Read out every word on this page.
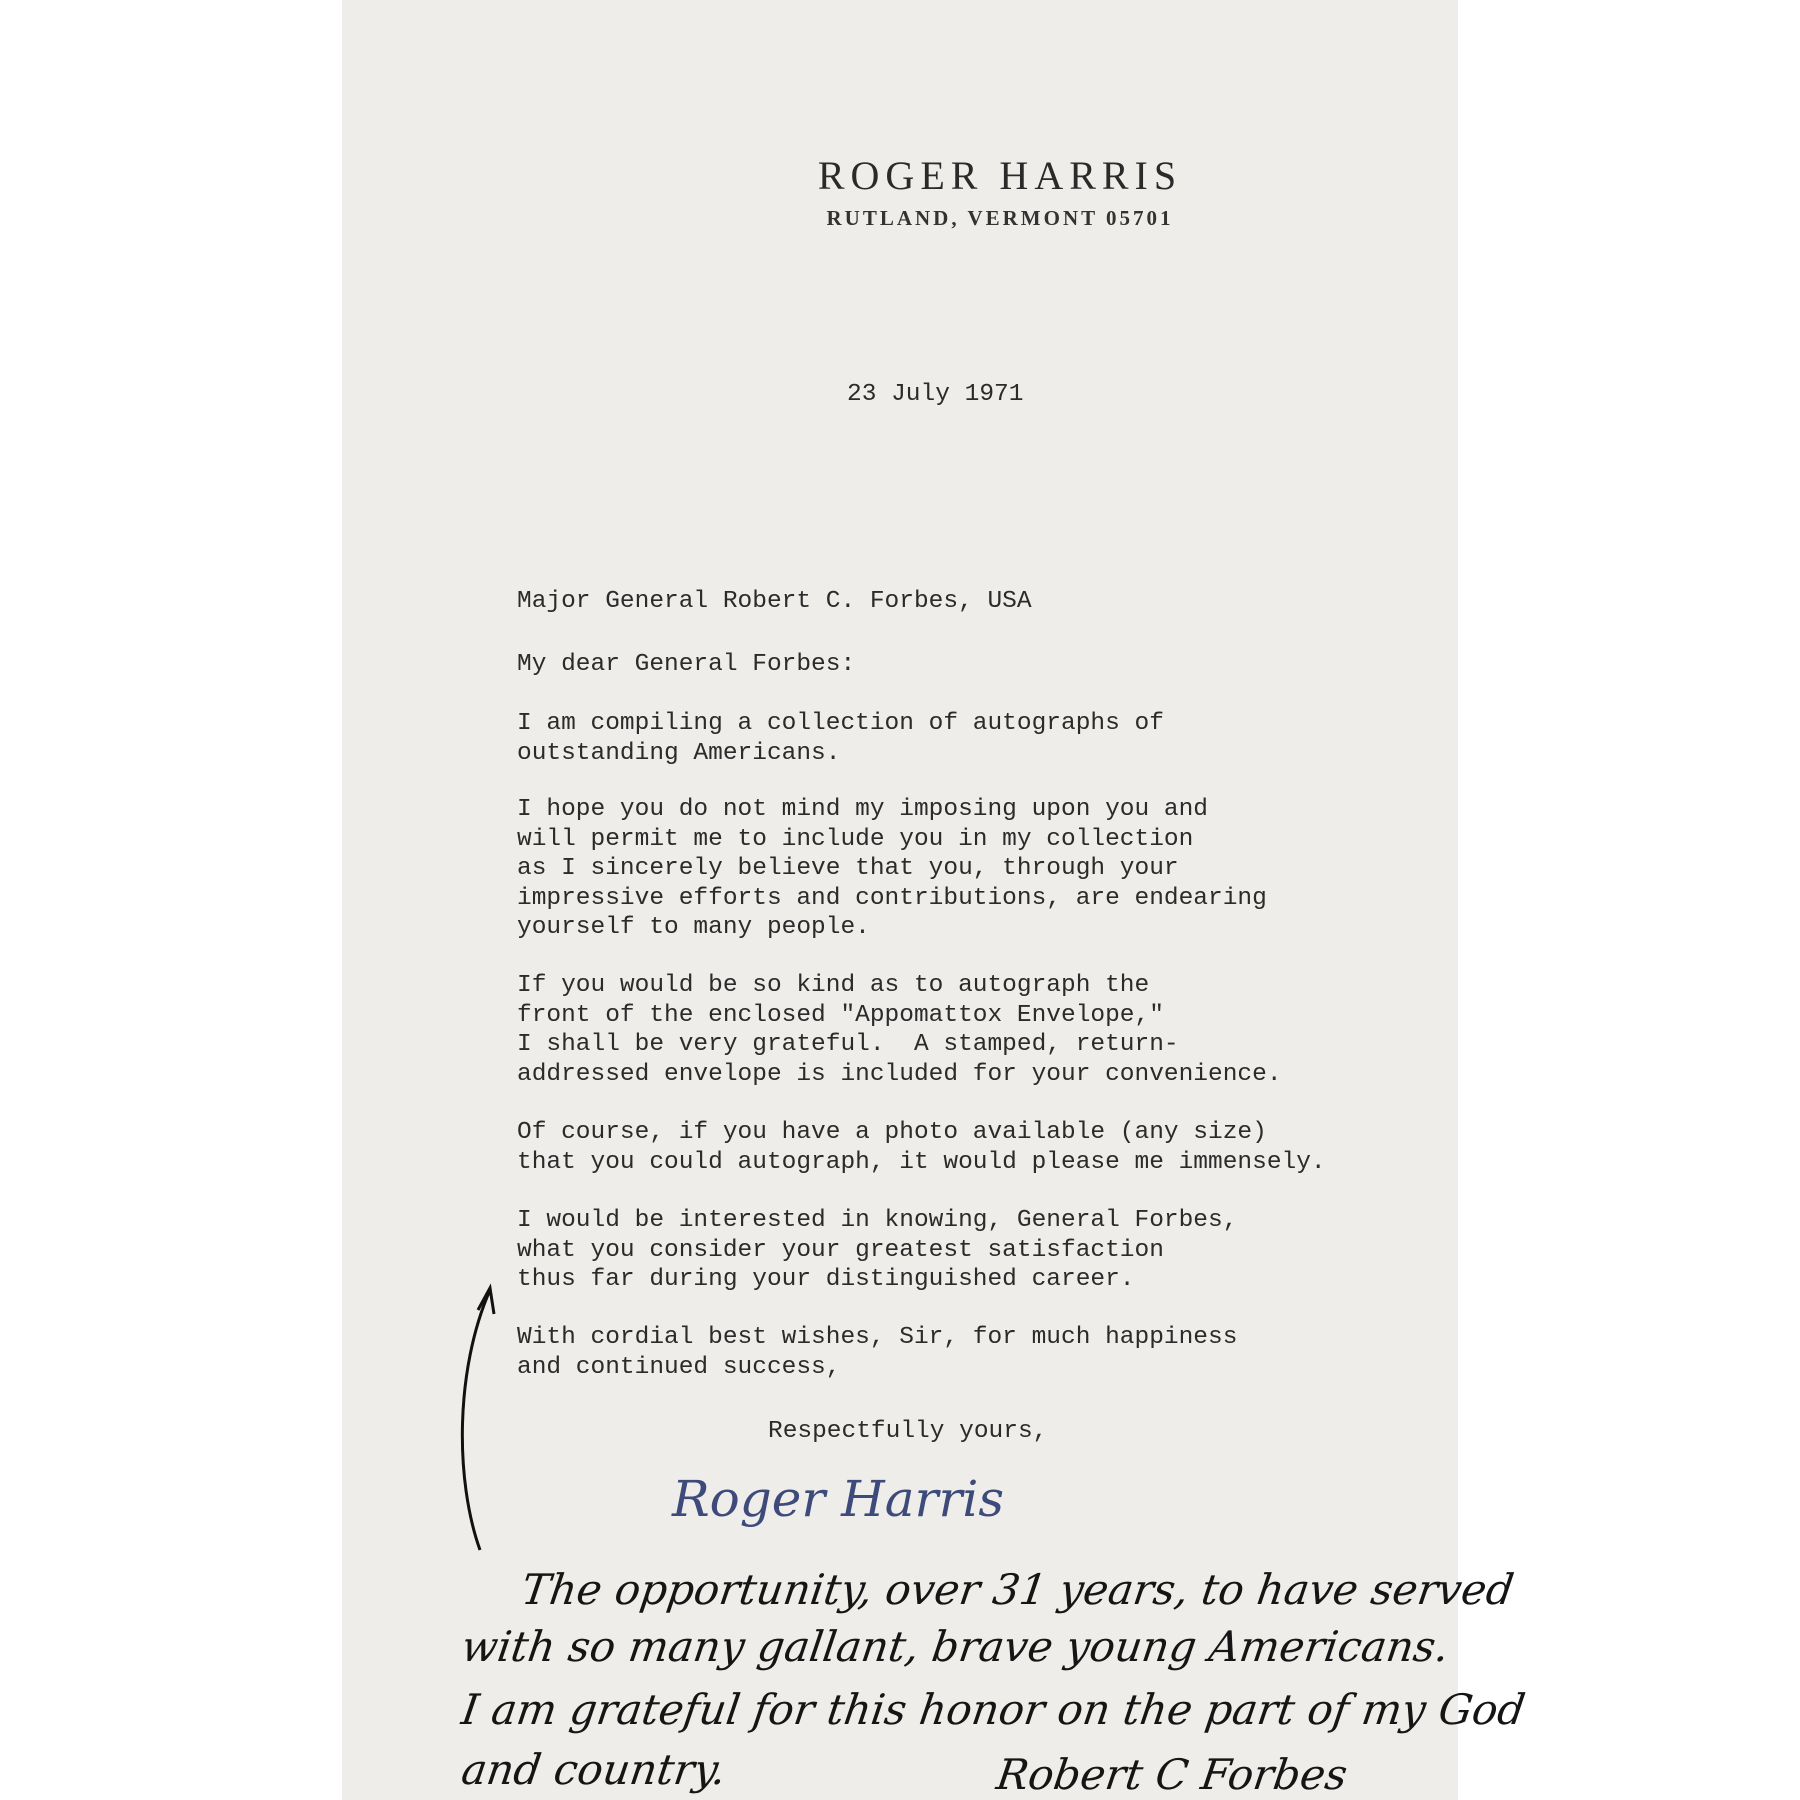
ROGER HARRIS
RUTLAND, VERMONT 05701
23 July 1971
Major General Robert C. Forbes, USA
My dear General Forbes:
I am compiling a collection of autographs of
outstanding Americans.
I hope you do not mind my imposing upon you and
will permit me to include you in my collection
as I sincerely believe that you, through your
impressive efforts and contributions, are endearing
yourself to many people.
If you would be so kind as to autograph the
front of the enclosed "Appomattox Envelope,"
I shall be very grateful.  A stamped, return-
addressed envelope is included for your convenience.
Of course, if you have a photo available (any size)
that you could autograph, it would please me immensely.
I would be interested in knowing, General Forbes,
what you consider your greatest satisfaction
thus far during your distinguished career.
With cordial best wishes, Sir, for much happiness
and continued success,
Respectfully yours,
Roger Harris
The opportunity, over 31 years, to have served
with so many gallant, brave young Americans.
I am grateful for this honor on the part of my God
and country.	Robert C Forbes
